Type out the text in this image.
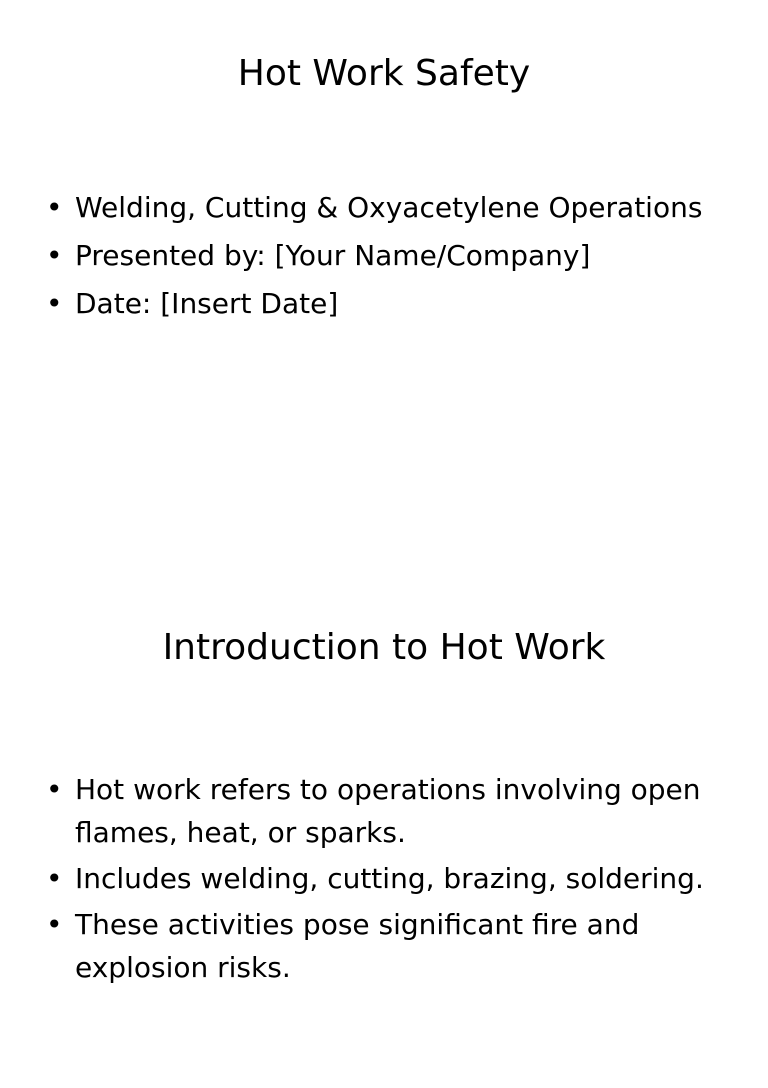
Hot Work Safety
• Welding, Cutting & Oxyacetylene Operations
• Presented by: [Your Name/Company]
• Date: [Insert Date]
Introduction to Hot Work
• Hot work refers to operations involving open flames, heat, or sparks.
• Includes welding, cutting, brazing, soldering.
• These activities pose significant fire and explosion risks.
